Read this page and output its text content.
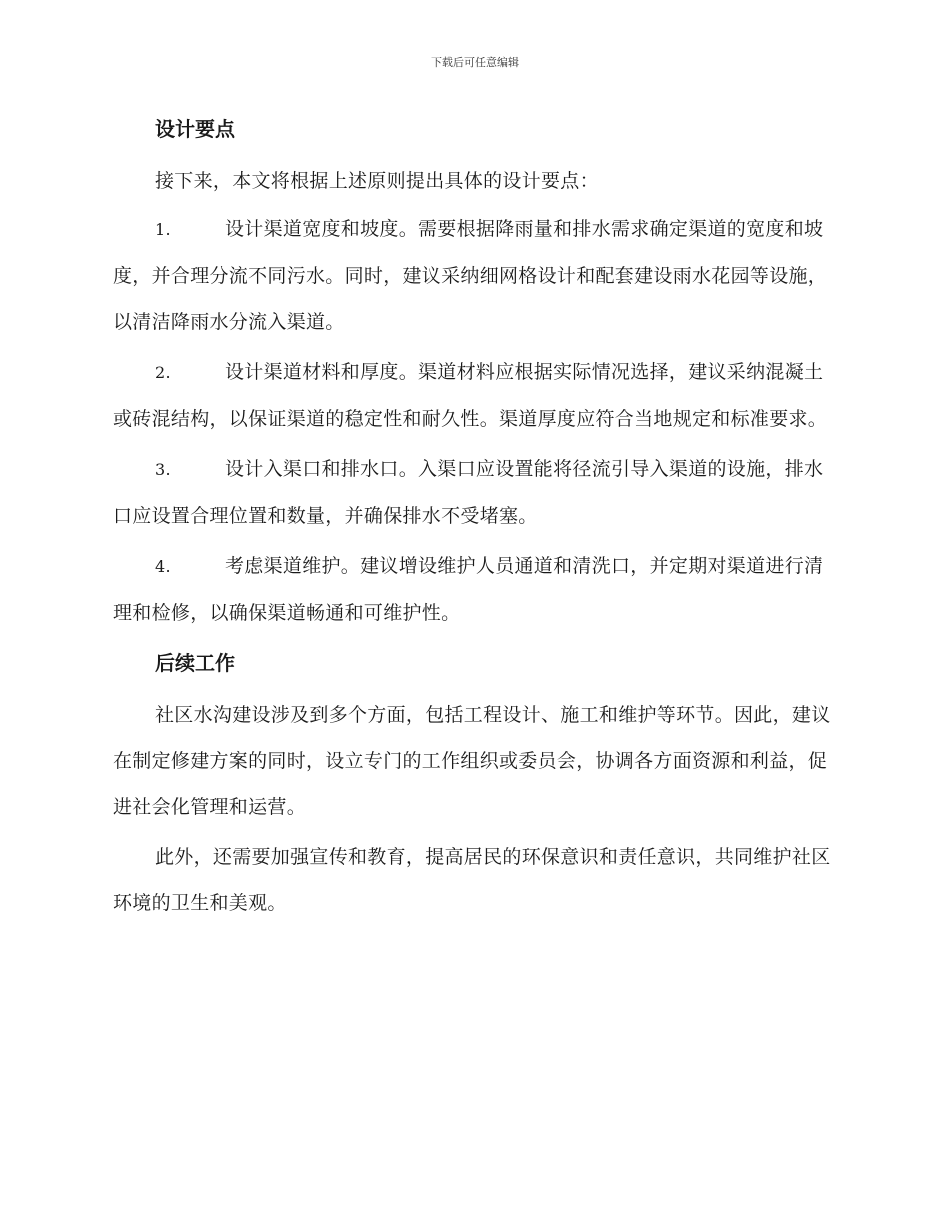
下载后可任意编辑
设计要点

接下来，本文将根据上述原则提出具体的设计要点：

1.	设计渠道宽度和坡度。需要根据降雨量和排水需求确定渠道的宽度和坡度，并合理分流不同污水。同时，建议采纳细网格设计和配套建设雨水花园等设施，以清洁降雨水分流入渠道。

2.	设计渠道材料和厚度。渠道材料应根据实际情况选择，建议采纳混凝土或砖混结构，以保证渠道的稳定性和耐久性。渠道厚度应符合当地规定和标准要求。

3.	设计入渠口和排水口。入渠口应设置能将径流引导入渠道的设施，排水口应设置合理位置和数量，并确保排水不受堵塞。

4.	考虑渠道维护。建议增设维护人员通道和清洗口，并定期对渠道进行清理和检修，以确保渠道畅通和可维护性。

后续工作

社区水沟建设涉及到多个方面，包括工程设计、施工和维护等环节。因此，建议在制定修建方案的同时，设立专门的工作组织或委员会，协调各方面资源和利益，促进社会化管理和运营。

此外，还需要加强宣传和教育，提高居民的环保意识和责任意识，共同维护社区环境的卫生和美观。
